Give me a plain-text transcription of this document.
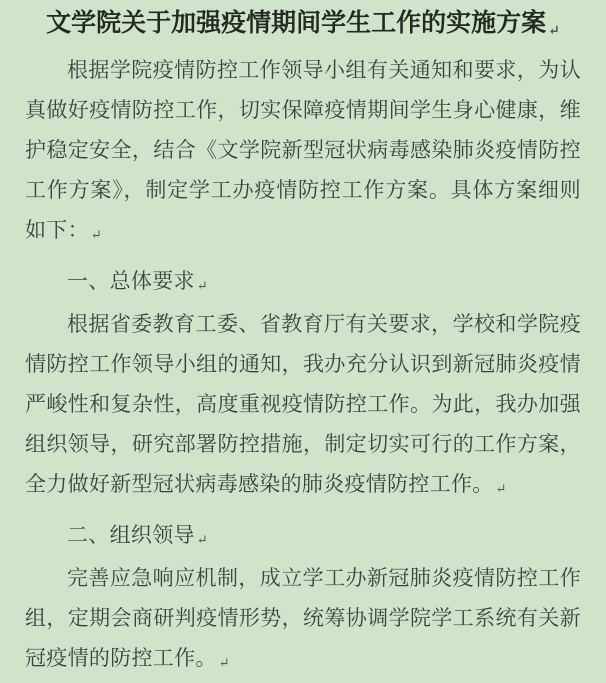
文学院关于加强疫情期间学生工作的实施方案 ↵

根据学院疫情防控工作领导小组有关通知和要求，为认真做好疫情防控工作，切实保障疫情期间学生身心健康，维护稳定安全，结合《文学院新型冠状病毒感染肺炎疫情防控工作方案》，制定学工办疫情防控工作方案。具体方案细则如下： ↵

一、总体要求 ↵

根据省委教育工委、省教育厅有关要求，学校和学院疫情防控工作领导小组的通知，我办充分认识到新冠肺炎疫情严峻性和复杂性，高度重视疫情防控工作。为此，我办加强组织领导，研究部署防控措施，制定切实可行的工作方案，全力做好新型冠状病毒感染的肺炎疫情防控工作。 ↵

二、组织领导 ↵

完善应急响应机制，成立学工办新冠肺炎疫情防控工作组，定期会商研判疫情形势，统筹协调学院学工系统有关新冠疫情的防控工作。 ↵
